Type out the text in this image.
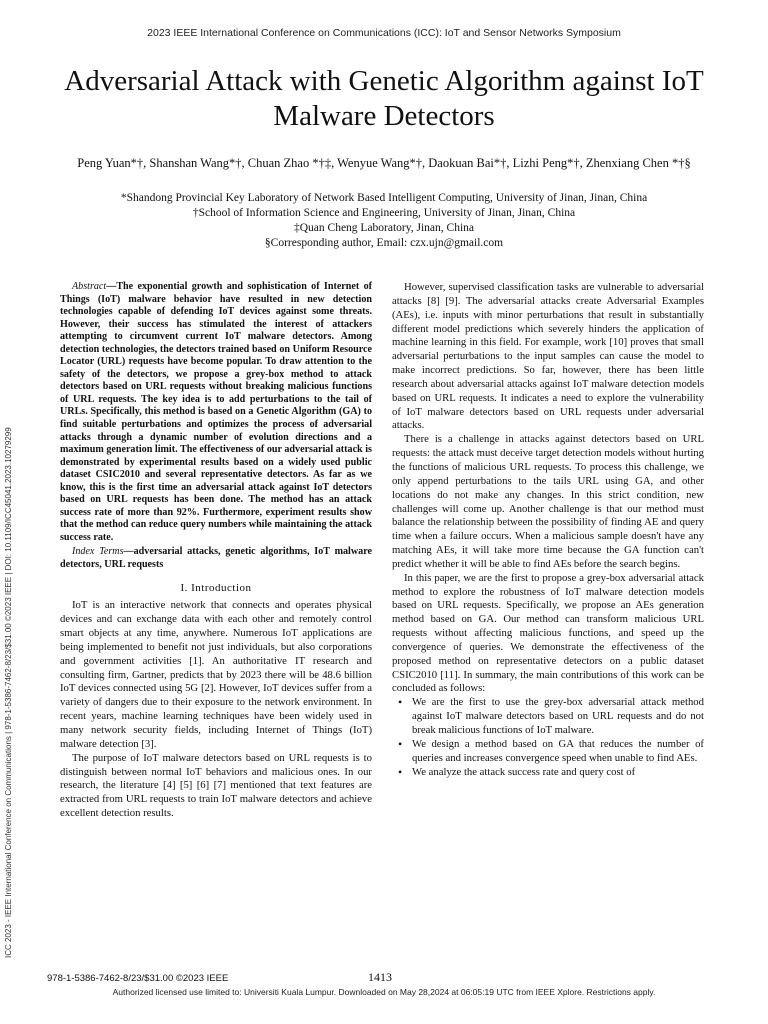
2023 IEEE International Conference on Communications (ICC): IoT and Sensor Networks Symposium
Adversarial Attack with Genetic Algorithm against IoT Malware Detectors
Peng Yuan*†, Shanshan Wang*†, Chuan Zhao *†‡, Wenyue Wang*†, Daokuan Bai*†, Lizhi Peng*†, Zhenxiang Chen *†§
*Shandong Provincial Key Laboratory of Network Based Intelligent Computing, University of Jinan, Jinan, China
†School of Information Science and Engineering, University of Jinan, Jinan, China
‡Quan Cheng Laboratory, Jinan, China
§Corresponding author, Email: czx.ujn@gmail.com
ICC 2023 - IEEE International Conference on Communications | 978-1-5386-7462-8/23/$31.00 ©2023 IEEE | DOI: 10.1109/ICC45041.2023.10279299

Abstract—The exponential growth and sophistication of Internet of Things (IoT) malware behavior have resulted in new detection technologies capable of defending IoT devices against some threats. However, their success has stimulated the interest of attackers attempting to circumvent current IoT malware detectors. Among detection technologies, the detectors trained based on Uniform Resource Locator (URL) requests have become popular. To draw attention to the safety of the detectors, we propose a grey-box method to attack detectors based on URL requests without breaking malicious functions of URL requests. The key idea is to add perturbations to the tail of URLs. Specifically, this method is based on a Genetic Algorithm (GA) to find suitable perturbations and optimizes the process of adversarial attacks through a dynamic number of evolution directions and a maximum generation limit. The effectiveness of our adversarial attack is demonstrated by experimental results based on a widely used public dataset CSIC2010 and several representative detectors. As far as we know, this is the first time an adversarial attack against IoT detectors based on URL requests has been done. The method has an attack success rate of more than 92%. Furthermore, experiment results show that the method can reduce query numbers while maintaining the attack success rate.

Index Terms—adversarial attacks, genetic algorithms, IoT malware detectors, URL requests

I. Introduction

IoT is an interactive network that connects and operates physical devices and can exchange data with each other and remotely control smart objects at any time, anywhere. Numerous IoT applications are being implemented to benefit not just individuals, but also corporations and government activities [1]. An authoritative IT research and consulting firm, Gartner, predicts that by 2023 there will be 48.6 billion IoT devices connected using 5G [2]. However, IoT devices suffer from a variety of dangers due to their exposure to the network environment. In recent years, machine learning techniques have been widely used in many network security fields, including Internet of Things (IoT) malware detection [3].

The purpose of IoT malware detectors based on URL requests is to distinguish between normal IoT behaviors and malicious ones. In our research, the literature [4] [5] [6] [7] mentioned that text features are extracted from URL requests to train IoT malware detectors and achieve excellent detection results.

However, supervised classification tasks are vulnerable to adversarial attacks [8] [9]. The adversarial attacks create Adversarial Examples (AEs), i.e. inputs with minor perturbations that result in substantially different model predictions which severely hinders the application of machine learning in this field. For example, work [10] proves that small adversarial perturbations to the input samples can cause the model to make incorrect predictions. So far, however, there has been little research about adversarial attacks against IoT malware detection models based on URL requests. It indicates a need to explore the vulnerability of IoT malware detectors based on URL requests under adversarial attacks.

There is a challenge in attacks against detectors based on URL requests: the attack must deceive target detection models without hurting the functions of malicious URL requests. To process this challenge, we only append perturbations to the tails URL using GA, and other locations do not make any changes. In this strict condition, new challenges will come up. Another challenge is that our method must balance the relationship between the possibility of finding AE and query time when a failure occurs. When a malicious sample doesn't have any matching AEs, it will take more time because the GA function can't predict whether it will be able to find AEs before the search begins.

In this paper, we are the first to propose a grey-box adversarial attack method to explore the robustness of IoT malware detection models based on URL requests. Specifically, we propose an AEs generation method based on GA. Our method can transform malicious URL requests without affecting malicious functions, and speed up the convergence of queries. We demonstrate the effectiveness of the proposed method on representative detectors on a public dataset CSIC2010 [11]. In summary, the main contributions of this work can be concluded as follows:

• We are the first to use the grey-box adversarial attack method against IoT malware detectors based on URL requests and do not break malicious functions of IoT malware.
• We design a method based on GA that reduces the number of queries and increases convergence speed when unable to find AEs.
• We analyze the attack success rate and query cost of
978-1-5386-7462-8/23/$31.00 ©2023 IEEE	1413
Authorized licensed use limited to: Universiti Kuala Lumpur. Downloaded on May 28,2024 at 06:05:19 UTC from IEEE Xplore. Restrictions apply.
